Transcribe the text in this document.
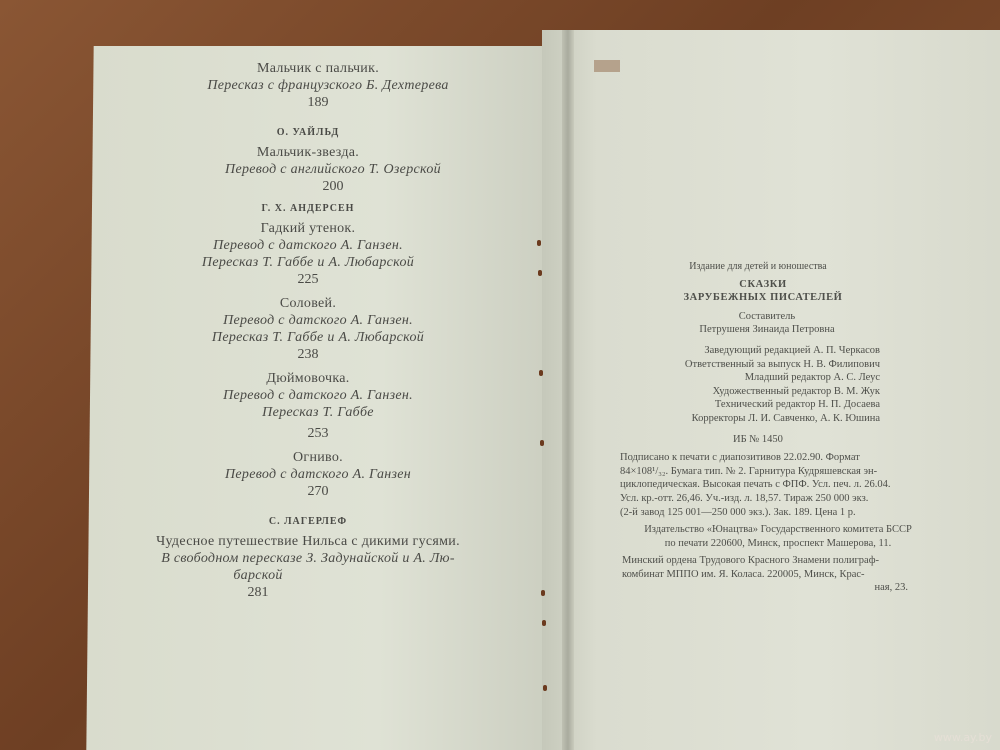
Мальчик с пальчик.
Пересказ с французского Б. Дехтерева
189
О. УАЙЛЬД
Мальчик-звезда.
Перевод с английского Т. Озерской
200
Г. Х. АНДЕРСЕН
Гадкий утенок.
Перевод с датского А. Ганзен.
Пересказ Т. Габбе и А. Любарской
225
Соловей.
Перевод с датского А. Ганзен.
Пересказ Т. Габбе и А. Любарской
238
Дюймовочка.
Перевод с датского А. Ганзен.
Пересказ Т. Габбе
253
Огниво.
Перевод с датского А. Ганзен
270
С. ЛАГЕРЛЕФ
Чудесное путешествие Нильса с дикими гусями.
В свободном пересказе З. Задунайской и А. Лю-
барской
281
Издание для детей и юношества
СКАЗКИ
ЗАРУБЕЖНЫХ ПИСАТЕЛЕЙ
Составитель
Петрушеня Зинаида Петровна
Заведующий редакцией А. П. Черкасов
Ответственный за выпуск Н. В. Филипович
Младший редактор А. С. Леус
Художественный редактор В. М. Жук
Технический редактор Н. П. Досаева
Корректоры Л. И. Савченко, А. К. Юшина
ИБ № 1450
Подписано к печати с диапозитивов 22.02.90. Формат
84×108¹/₃₂. Бумага тип. № 2. Гарнитура Кудряшевская эн-
циклопедическая. Высокая печать с ФПФ. Усл. печ. л. 26.04.
Усл. кр.-отт. 26,46. Уч.-изд. л. 18,57. Тираж 250 000 экз.
(2-й завод 125 001—250 000 экз.). Зак. 189. Цена 1 р.
Издательство «Юнацтва» Государственного комитета БССР
по печати 220600, Минск, проспект Машерова, 11.
Минский ордена Трудового Красного Знамени полиграф-
комбинат МППО им. Я. Коласа. 220005, Минск, Крас-
ная, 23.
www.ay.by
